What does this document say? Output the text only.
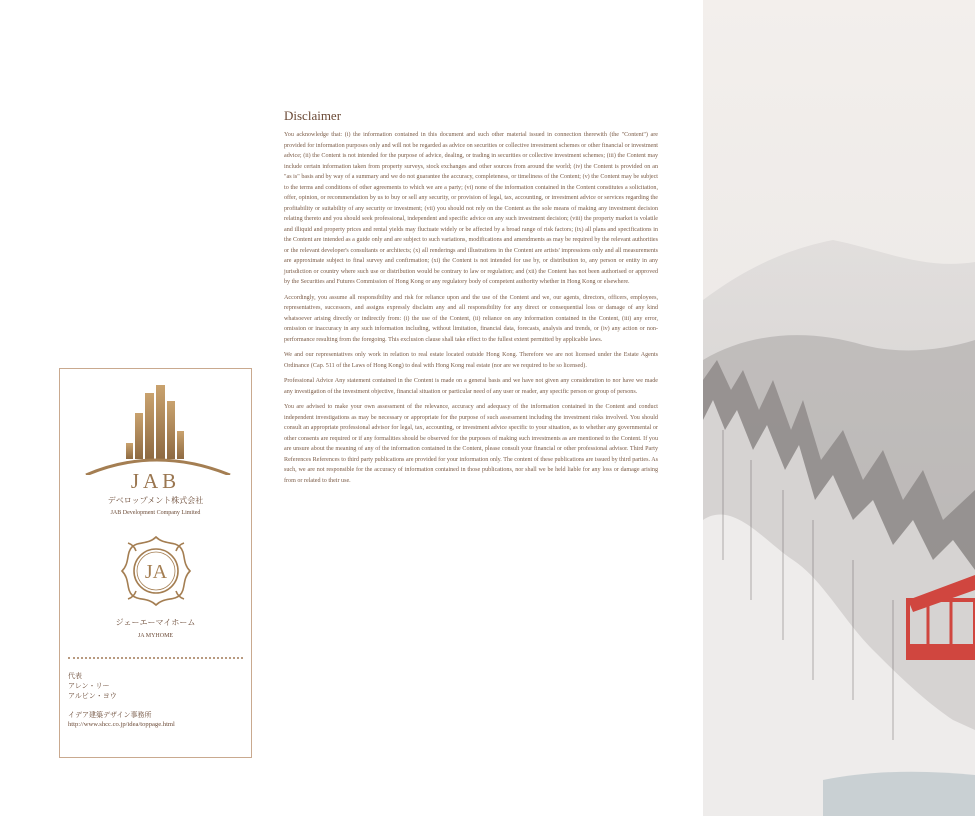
JAB
デベロップメント株式会社
JAB Development Company Limited
JA
ジェーエーマイホーム
JA MYHOME
代表
アレン・リー
アルビン・ヨウ
イデア建築デザイン事務所
http://www.shcc.co.jp/idea/toppage.html
Disclaimer

You acknowledge that: (i) the information contained in this document and such other material issued in connection therewith (the "Content") are provided for information purposes only and will not be regarded as advice on securities or collective investment schemes or other financial or investment advice; (ii) the Content is not intended for the purpose of advice, dealing, or trading in securities or collective investment schemes; (iii) the Content may include certain information taken from property surveys, stock exchanges and other sources from around the world; (iv) the Content is provided on an "as is" basis and by way of a summary and we do not guarantee the accuracy, completeness, or timeliness of the Content; (v) the Content may be subject to the terms and conditions of other agreements to which we are a party; (vi) none of the information contained in the Content constitutes a solicitation, offer, opinion, or recommendation by us to buy or sell any security, or provision of legal, tax, accounting, or investment advice or services regarding the profitability or suitability of any security or investment; (vii) you should not rely on the Content as the sole means of making any investment decision relating thereto and you should seek professional, independent and specific advice on any such investment decision; (viii) the property market is volatile and illiquid and property prices and rental yields may fluctuate widely or be affected by a broad range of risk factors; (ix) all plans and specifications in the Content are intended as a guide only and are subject to such variations, modifications and amendments as may be required by the relevant authorities or the relevant developer's consultants or architects; (x) all renderings and illustrations in the Content are artists' impressions only and all measurements are approximate subject to final survey and confirmation; (xi) the Content is not intended for use by, or distribution to, any person or entity in any jurisdiction or country where such use or distribution would be contrary to law or regulation; and (xii) the Content has not been authorised or approved by the Securities and Futures Commission of Hong Kong or any regulatory body of competent authority whether in Hong Kong or elsewhere.

Accordingly, you assume all responsibility and risk for reliance upon and the use of the Content and we, our agents, directors, officers, employees, representatives, successors, and assigns expressly disclaim any and all responsibility for any direct or consequential loss or damage of any kind whatsoever arising directly or indirectly from: (i) the use of the Content, (ii) reliance on any information contained in the Content, (iii) any error, omission or inaccuracy in any such information including, without limitation, financial data, forecasts, analysis and trends, or (iv) any action or non-performance resulting from the foregoing. This exclusion clause shall take effect to the fullest extent permitted by applicable laws.

We and our representatives only work in relation to real estate located outside Hong Kong. Therefore we are not licensed under the Estate Agents Ordinance (Cap. 511 of the Laws of Hong Kong) to deal with Hong Kong real estate (nor are we required to be so licensed).

Professional Advice Any statement contained in the Content is made on a general basis and we have not given any consideration to nor have we made any investigation of the investment objective, financial situation or particular need of any user or reader, any specific person or group of persons.

You are advised to make your own assessment of the relevance, accuracy and adequacy of the information contained in the Content and conduct independent investigations as may be necessary or appropriate for the purpose of such assessment including the investment risks involved. You should consult an appropriate professional advisor for legal, tax, accounting, or investment advice specific to your situation, as to whether any governmental or other consents are required or if any formalities should be observed for the purposes of making such investments as are mentioned to the Content. If you are unsure about the meaning of any of the information contained in the Content, please consult your financial or other professional advisor. Third Party References References to third party publications are provided for your information only. The content of these publications are issued by third parties. As such, we are not responsible for the accuracy of information contained in those publications, nor shall we be held liable for any loss or damage arising from or related to their use.
